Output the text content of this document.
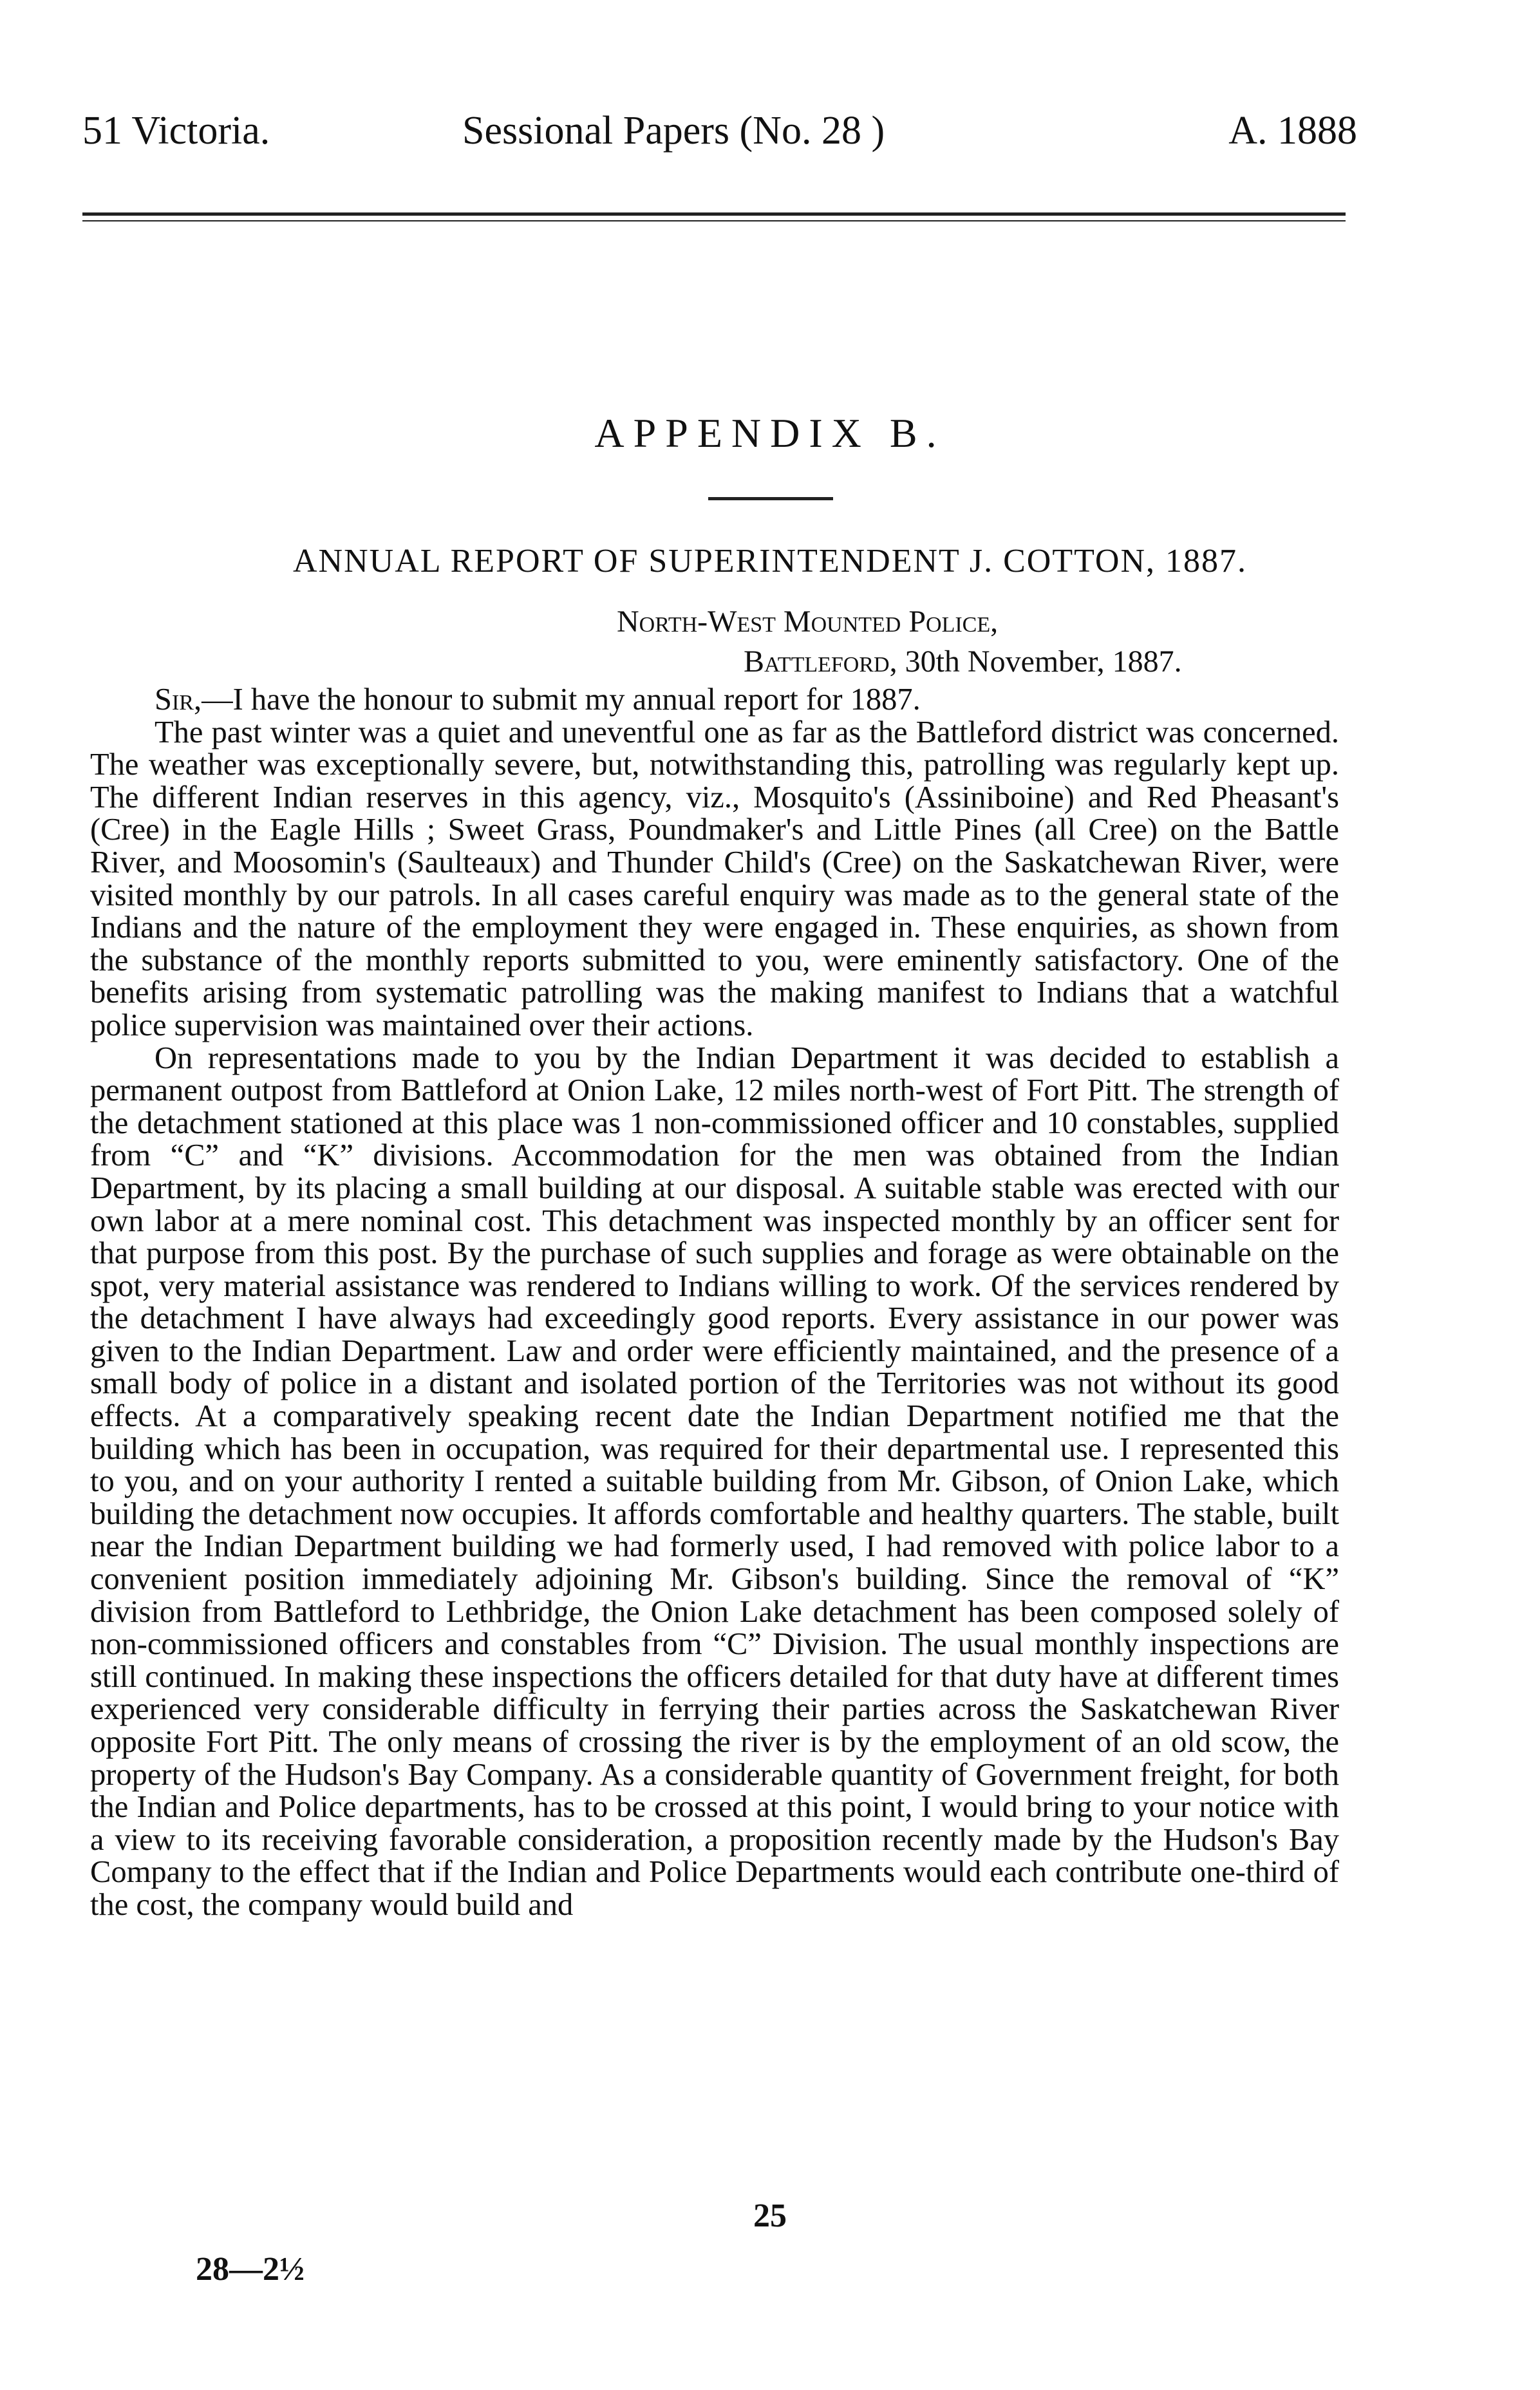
51 Victoria.	Sessional Papers (No. 28 )	A. 1888
APPENDIX B.
ANNUAL REPORT OF SUPERINTENDENT J. COTTON, 1887.
North-West Mounted Police,
Battleford, 30th November, 1887.

Sir,—I have the honour to submit my annual report for 1887.

The past winter was a quiet and uneventful one as far as the Battleford district was concerned. The weather was exceptionally severe, but, notwithstanding this, patrolling was regularly kept up. The different Indian reserves in this agency, viz., Mosquito's (Assiniboine) and Red Pheasant's (Cree) in the Eagle Hills ; Sweet Grass, Poundmaker's and Little Pines (all Cree) on the Battle River, and Moosomin's (Saulteaux) and Thunder Child's (Cree) on the Saskatchewan River, were visited monthly by our patrols. In all cases careful enquiry was made as to the general state of the Indians and the nature of the employment they were engaged in. These enquiries, as shown from the substance of the monthly reports submitted to you, were eminently satisfactory. One of the benefits arising from systematic patrolling was the making manifest to Indians that a watchful police supervision was maintained over their actions.

On representations made to you by the Indian Department it was decided to establish a permanent outpost from Battleford at Onion Lake, 12 miles north-west of Fort Pitt. The strength of the detachment stationed at this place was 1 non-commissioned officer and 10 constables, supplied from “C” and “K” divisions. Accommodation for the men was obtained from the Indian Department, by its placing a small building at our disposal. A suitable stable was erected with our own labor at a mere nominal cost. This detachment was inspected monthly by an officer sent for that purpose from this post. By the purchase of such supplies and forage as were obtainable on the spot, very material assistance was rendered to Indians willing to work. Of the services rendered by the detachment I have always had exceedingly good reports. Every assistance in our power was given to the Indian Department. Law and order were efficiently maintained, and the presence of a small body of police in a distant and isolated portion of the Territories was not without its good effects. At a comparatively speaking recent date the Indian Department notified me that the building which has been in occupation, was required for their departmental use. I represented this to you, and on your authority I rented a suitable building from Mr. Gibson, of Onion Lake, which building the detachment now occupies. It affords comfortable and healthy quarters. The stable, built near the Indian Department building we had formerly used, I had removed with police labor to a convenient position immediately adjoining Mr. Gibson's building. Since the removal of “K” division from Battleford to Lethbridge, the Onion Lake detachment has been composed solely of non-commissioned officers and constables from “C” Division. The usual monthly inspections are still continued. In making these inspections the officers detailed for that duty have at different times experienced very considerable difficulty in ferrying their parties across the Saskatchewan River opposite Fort Pitt. The only means of crossing the river is by the employment of an old scow, the property of the Hudson's Bay Company. As a considerable quantity of Government freight, for both the Indian and Police departments, has to be crossed at this point, I would bring to your notice with a view to its receiving favorable consideration, a proposition recently made by the Hudson's Bay Company to the effect that if the Indian and Police Departments would each contribute one-third of the cost, the company would build and

25
28—2½
